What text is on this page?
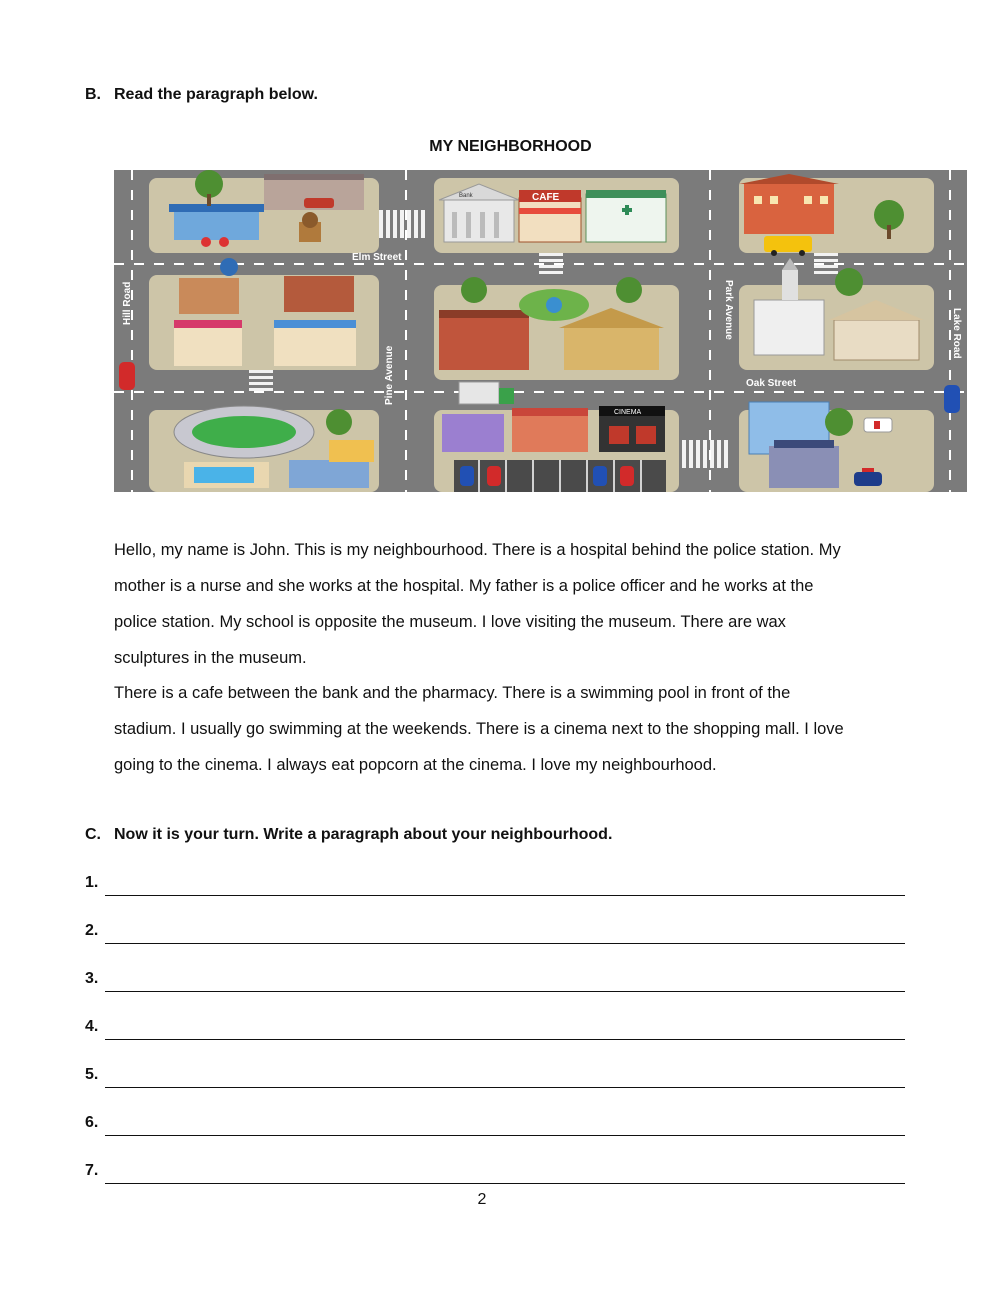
B. Read the paragraph below.
MY NEIGHBORHOOD
Bank	CAFE
CINEMA
Elm Street
Oak Street
Hill Road
Pine Avenue
Park Avenue	Lake Road
Hello, my name is John. This is my neighbourhood. There is a hospital behind the police station. My
mother is a nurse and she works at the hospital. My father is a police officer and he works at the
police station. My school is opposite the museum. I love visiting the museum. There are wax
sculptures in the museum.
There is a cafe between the bank and the pharmacy. There is a swimming pool in front of the
stadium. I usually go swimming at the weekends. There is a cinema next to the shopping mall. I love
going to the cinema. I always eat popcorn at the cinema. I love my neighbourhood.
C. Now it is your turn. Write a paragraph about your neighbourhood.
1.
2.
3.
4.
5.
6.
7.
2
